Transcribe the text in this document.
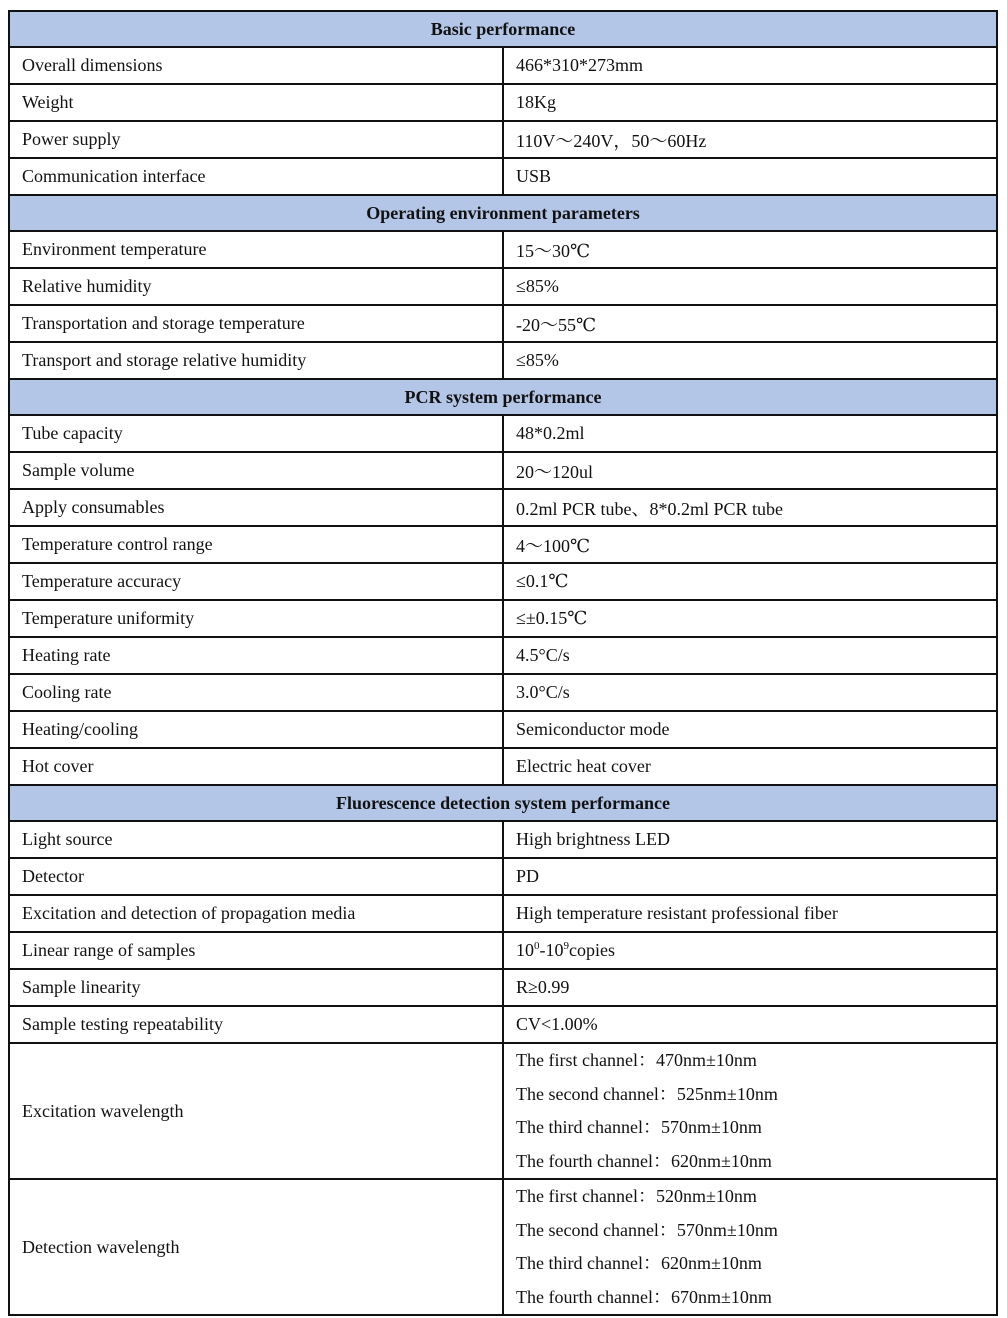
Basic performance	
Overall dimensions	466*310*273mm
Weight	18Kg
Power supply	110V～240V，50～60Hz
Communication interface	USB
Operating environment parameters	
Environment temperature	15～30℃
Relative humidity	≤85%
Transportation and storage temperature	-20～55℃
Transport and storage relative humidity	≤85%
PCR system performance	
Tube capacity	48*0.2ml
Sample volume	20～120ul
Apply consumables	0.2ml PCR tube、8*0.2ml PCR tube
Temperature control range	4～100℃
Temperature accuracy	≤0.1℃
Temperature uniformity	≤±0.15℃
Heating rate	4.5°C/s
Cooling rate	3.0°C/s
Heating/cooling	Semiconductor mode
Hot cover	Electric heat cover
Fluorescence detection system performance	
Light source	High brightness LED
Detector	PD
Excitation and detection of propagation media	High temperature resistant professional fiber
Linear range of samples	$10^0-10^9copies$
Sample linearity	R≥0.99
Sample testing repeatability	CV<1.00%
Excitation wavelength	The first channel：470nm±10nm
The second channel：525nm±10nm
The third channel：570nm±10nm
The fourth channel：620nm±10nm

Detection wavelength	The first channel：520nm±10nm
The second channel：570nm±10nm
The third channel：620nm±10nm
The fourth channel：670nm±10nm
